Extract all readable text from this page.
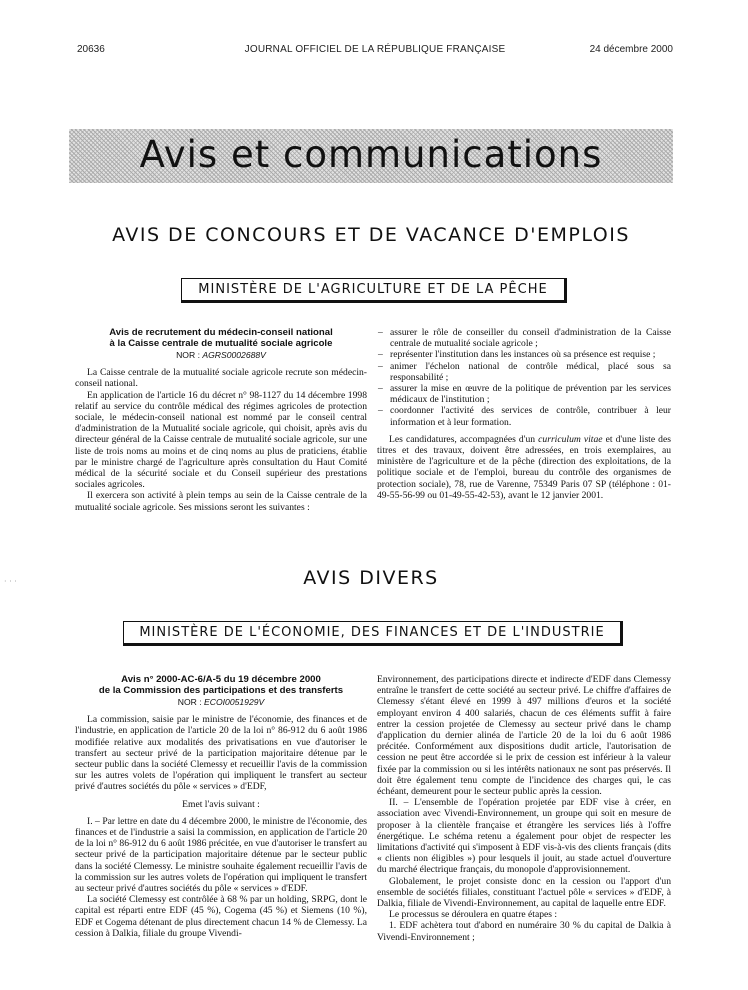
20636	JOURNAL OFFICIEL DE LA RÉPUBLIQUE FRANÇAISE	24 décembre 2000
Avis et communications
AVIS DE CONCOURS ET DE VACANCE D'EMPLOIS
MINISTÈRE DE L'AGRICULTURE ET DE LA PÊCHE

Avis de recrutement du médecin-conseil national

à la Caisse centrale de mutualité sociale agricole

NOR : AGRS0002688V

La Caisse centrale de la mutualité sociale agricole recrute son médecin-conseil national.

En application de l'article 16 du décret n° 98-1127 du 14 décembre 1998 relatif au service du contrôle médical des régimes agricoles de protection sociale, le médecin-conseil national est nommé par le conseil central d'administration de la Mutualité sociale agricole, qui choisit, après avis du directeur général de la Caisse centrale de mutualité sociale agricole, sur une liste de trois noms au moins et de cinq noms au plus de praticiens, établie par le ministre chargé de l'agriculture après consultation du Haut Comité médical de la sécurité sociale et du Conseil supérieur des prestations sociales agricoles.

Il exercera son activité à plein temps au sein de la Caisse centrale de la mutualité sociale agricole. Ses missions seront les suivantes :

– assurer le rôle de conseiller du conseil d'administration de la Caisse centrale de mutualité sociale agricole ;
– représenter l'institution dans les instances où sa présence est requise ;
– animer l'échelon national de contrôle médical, placé sous sa responsabilité ;
– assurer la mise en œuvre de la politique de prévention par les services médicaux de l'institution ;
– coordonner l'activité des services de contrôle, contribuer à leur information et à leur formation.

Les candidatures, accompagnées d'un curriculum vitae et d'une liste des titres et des travaux, doivent être adressées, en trois exemplaires, au ministère de l'agriculture et de la pêche (direction des exploitations, de la politique sociale et de l'emploi, bureau du contrôle des organismes de protection sociale), 78, rue de Varenne, 75349 Paris 07 SP (téléphone : 01-49-55-56-99 ou 01-49-55-42-53), avant le 12 janvier 2001.

· · ·	AVIS DIVERS
MINISTÈRE DE L'ÉCONOMIE, DES FINANCES ET DE L'INDUSTRIE

Avis n° 2000-AC-6/A-5 du 19 décembre 2000

de la Commission des participations et des transferts

NOR : ECOI0051929V

La commission, saisie par le ministre de l'économie, des finances et de l'industrie, en application de l'article 20 de la loi n° 86-912 du 6 août 1986 modifiée relative aux modalités des privatisations en vue d'autoriser le transfert au secteur privé de la participation majoritaire détenue par le secteur public dans la société Clemessy et recueillir l'avis de la commission sur les autres volets de l'opération qui impliquent le transfert au secteur privé d'autres sociétés du pôle « services » d'EDF,

Emet l'avis suivant :

I. – Par lettre en date du 4 décembre 2000, le ministre de l'économie, des finances et de l'industrie a saisi la commission, en application de l'article 20 de la loi n° 86-912 du 6 août 1986 précitée, en vue d'autoriser le transfert au secteur privé de la participation majoritaire détenue par le secteur public dans la société Clemessy. Le ministre souhaite également recueillir l'avis de la commission sur les autres volets de l'opération qui impliquent le transfert au secteur privé d'autres sociétés du pôle « services » d'EDF.

La société Clemessy est contrôlée à 68 % par un holding, SRPG, dont le capital est réparti entre EDF (45 %), Cogema (45 %) et Siemens (10 %), EDF et Cogema détenant de plus directement chacun 14 % de Clemessy. La cession à Dalkia, filiale du groupe Vivendi-

Environnement, des participations directe et indirecte d'EDF dans Clemessy entraîne le transfert de cette société au secteur privé. Le chiffre d'affaires de Clemessy s'étant élevé en 1999 à 497 millions d'euros et la société employant environ 4 400 salariés, chacun de ces éléments suffit à faire entrer la cession projetée de Clemessy au secteur privé dans le champ d'application du dernier alinéa de l'article 20 de la loi du 6 août 1986 précitée. Conformément aux dispositions dudit article, l'autorisation de cession ne peut être accordée si le prix de cession est inférieur à la valeur fixée par la commission ou si les intérêts nationaux ne sont pas préservés. Il doit être également tenu compte de l'incidence des charges qui, le cas échéant, demeurent pour le secteur public après la cession.

II. – L'ensemble de l'opération projetée par EDF vise à créer, en association avec Vivendi-Environnement, un groupe qui soit en mesure de proposer à la clientèle française et étrangère les services liés à l'offre énergétique. Le schéma retenu a également pour objet de respecter les limitations d'activité qui s'imposent à EDF vis-à-vis des clients français (dits « clients non éligibles ») pour lesquels il jouit, au stade actuel d'ouverture du marché électrique français, du monopole d'approvisionnement.

Globalement, le projet consiste donc en la cession ou l'apport d'un ensemble de sociétés filiales, constituant l'actuel pôle « services » d'EDF, à Dalkia, filiale de Vivendi-Environnement, au capital de laquelle entre EDF.

Le processus se déroulera en quatre étapes :

1. EDF achètera tout d'abord en numéraire 30 % du capital de Dalkia à Vivendi-Environnement ;
